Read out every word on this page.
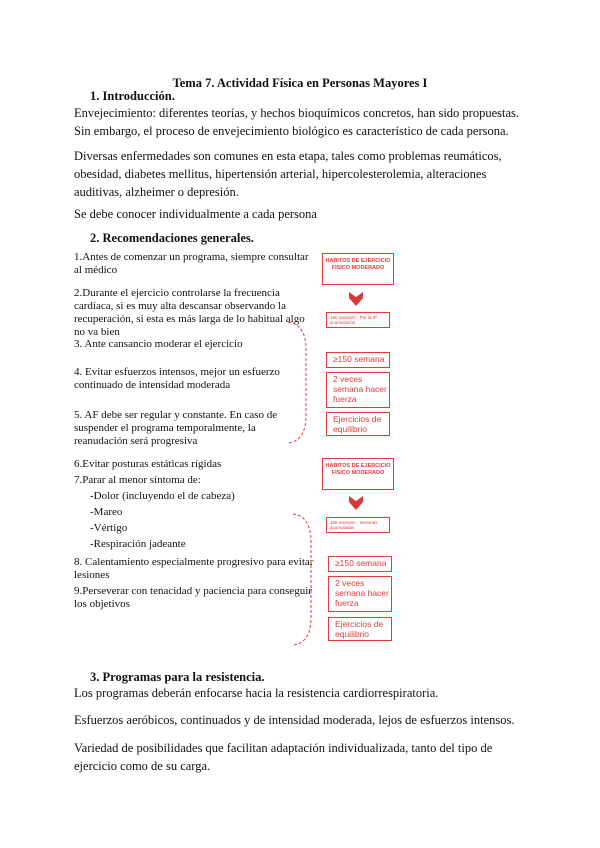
Tema 7. Actividad Física en Personas Mayores I
1. Introducción.
Envejecimiento: diferentes teorías, y hechos bioquímicos concretos, han sido propuestas. Sin embargo, el proceso de envejecimiento biológico es característico de cada persona.
Diversas enfermedades son comunes en esta etapa, tales como problemas reumáticos, obesidad, diabetes mellitus, hipertensión arterial, hipercolesterolemia, alteraciones auditivas, alzheimer o depresión.
Se debe conocer individualmente a cada persona
2. Recomendaciones generales.
1.Antes de comenzar un programa, siempre consultar al médico
2.Durante el ejercicio controlarse la frecuencia cardíaca, si es muy alta descansar observando la recuperación, si esta es más larga de lo habitual algo no va bien
3. Ante cansancio moderar el ejercicio
4. Evitar esfuerzos intensos, mejor un esfuerzo continuado de intensidad moderada
5. AF debe ser regular y constante. En caso de suspender el programa temporalmente, la reanudación será progresiva
6.Evitar posturas estáticas rígidas
7.Parar al menor síntoma de:
-Dolor (incluyendo el de cabeza)
-Mareo
-Vértigo
-Respiración jadeante
8. Calentamiento especialmente progresivo para evitar lesiones
9.Perseverar con tenacidad y paciencia para conseguir los objetivos
HABITOS DE EJERCICIO FISICO MODERADO
150 min/sem · Por la 3ª acumulación
≥150 semana
2 veces semana hacer fuerza
Ejercicios de equilibrio
HABITOS DE EJERCICIO FISICO MODERADO
150 min/sem · sesiones acumuladas
≥150 semana
2 veces semana hacer fuerza
Ejercicios de equilibrio
3. Programas para la resistencia.
Los programas deberán enfocarse hacia la resistencia cardiorrespiratoria.
Esfuerzos aeróbicos, continuados y de intensidad moderada, lejos de esfuerzos intensos.
Variedad de posibilidades que facilitan adaptación individualizada, tanto del tipo de ejercicio como de su carga.
